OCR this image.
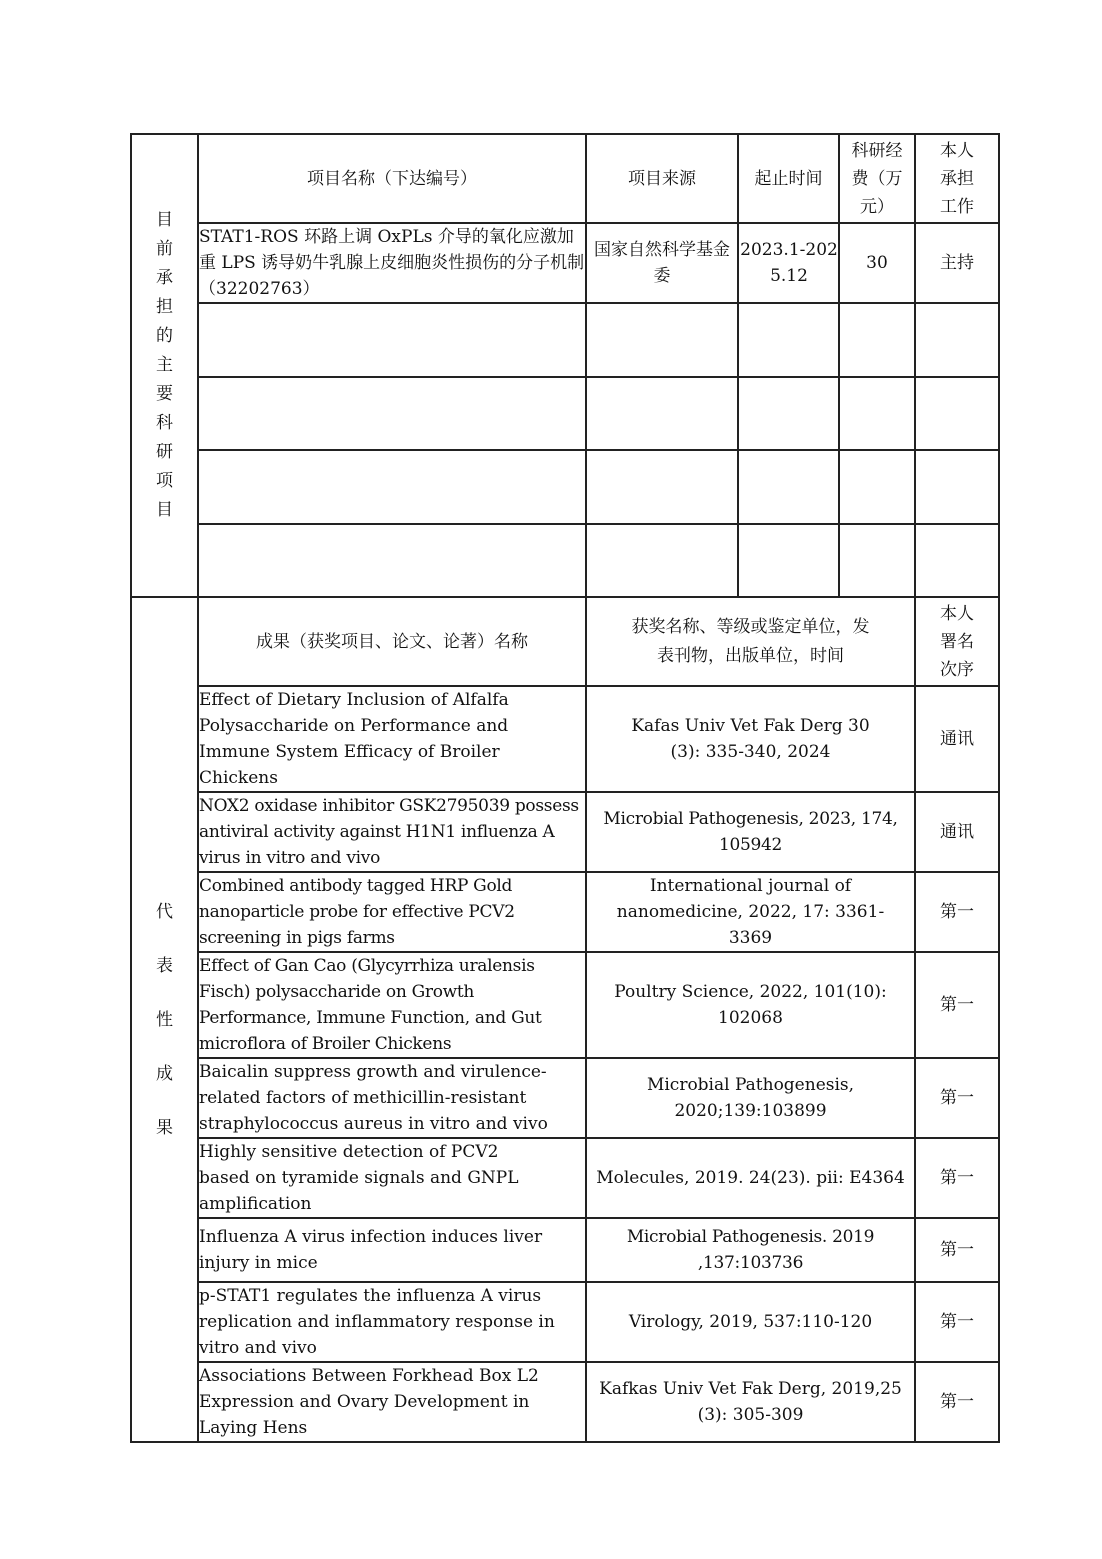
目前承担的主要科研项目	项目名称（下达编号）	项目来源	起止时间	科研经费（万元）	本人承担工作
	STAT1-ROS 环路上调 OxPLs 介导的氧化应激加重 LPS 诱导奶牛乳腺上皮细胞炎性损伤的分子机制（32202763）	国家自然科学基金委	2023.1-2025.12	30	主持

代表性成果	成果（获奖项目、论文、论著）名称	获奖名称、等级或鉴定单位，发表刊物，出版单位，时间			本人署名次序
	Effect of Dietary Inclusion of Alfalfa Polysaccharide on Performance and Immune System Efficacy of Broiler Chickens	Kafas Univ Vet Fak Derg 30 (3): 335-340, 2024			通讯
	NOX2 oxidase inhibitor GSK2795039 possess antiviral activity against H1N1 influenza A virus in vitro and vivo	Microbial Pathogenesis, 2023, 174, 105942			通讯
	Combined antibody tagged HRP Gold nanoparticle probe for effective PCV2 screening in pigs farms	International journal of nanomedicine, 2022, 17: 3361-3369			第一
	Effect of Gan Cao (Glycyrrhiza uralensis Fisch) polysaccharide on Growth Performance, Immune Function, and Gut microflora of Broiler Chickens	Poultry Science, 2022, 101(10): 102068			第一
	Baicalin suppress growth and virulence-related factors of methicillin-resistant straphylococcus aureus in vitro and vivo	Microbial Pathogenesis, 2020;139:103899			第一
	Highly sensitive detection of PCV2 based on tyramide signals and GNPL amplification	Molecules, 2019. 24(23). pii: E4364			第一
	Influenza A virus infection induces liver injury in mice	Microbial Pathogenesis. 2019 ,137:103736			第一
	p-STAT1 regulates the influenza A virus replication and inflammatory response in vitro and vivo	Virology, 2019, 537:110-120			第一
	Associations Between Forkhead Box L2 Expression and Ovary Development in Laying Hens	Kafkas Univ Vet Fak Derg, 2019,25 (3): 305-309			第一
